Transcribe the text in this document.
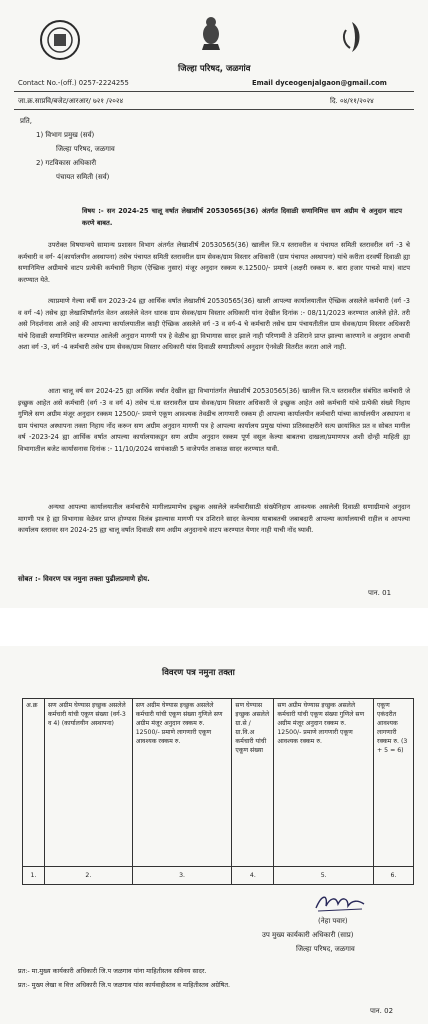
जिल्हा परिषद, जळगांव
Contact No.-(off.) 0257-2224255	Email dyceogenjalgaon@gmail.com
जा.क्र.साप्रवि/बजेट/आरआर/ ७२१ /२०२४	दि. ०४/११/२०२४
प्रति,
1) विभाग प्रमुख (सर्व)
जिल्हा परिषद, जळगाव
2) गटविकास अधिकारी
पंचायत समिती (सर्व)
विषय :- सन 2024-25 चालू वर्षात लेखाशीर्ष 20530565(36) अंतर्गत दिवाळी सणानिमित्त सण अग्रीम चे अनुदान वाटप करणे बाबत.
उपरोक्त विषयान्वये सामान्य प्रशासन विभाग अंतर्गत लेखाशीर्ष 20530565(36) खालील जि.प स्तरावरील व पंचायत समिती स्तरावरील वर्ग -3 चे कर्मचारी व वर्ग- 4(कार्यालयीन अस्थापना) तसेच पंचायत समिती स्तरावरील ग्राम सेवक/ग्राम विस्तार अधिकारी (ग्राम पंचायत अस्थापना) यांचे करीता दरवर्षी दिवाळी ह्या सणानिमित्त अग्रीमाचे वाटप प्रत्येकी कर्मचारी निहाय (ऐच्छिक नुसार) मंजूर अनुदान रक्कम रु.12500/- प्रमाणे (अक्षरी रक्कम रु. बारा हजार पाचशे मात्र) वाटप करण्यात येते.
त्याप्रमाणे गेल्या वर्षी सन 2023-24 ह्या आर्थिक वर्षात लेखाशीर्ष 20530565(36) खाली आपल्या कार्यालयातील ऐच्छिक असलेले कर्मचारी (वर्ग -3 व वर्ग -4) तसेच ह्या लेखाशिर्षांतर्गत वेतन असलेले वेतन धारक ग्राम सेवक/ग्राम विस्तार अधिकारी यांना देखील दिनांक :- 08/11/2023 करण्यात आलेले होते. तरी असे निदर्शनास आले आहे की आपल्या कार्यालयातील काही ऐच्छिक असलेले वर्ग -3 व वर्ग-4 चे कर्मचारी तसेच ग्राम पंचायतीतील ग्राम सेवक/ग्राम विस्तार अधिकारी यांचे दिवाळी सणानिमित्त करण्यात आलेली अनुदान मागणी पत्र हे वेळीच ह्या विभागास सादर झाले नाही परिणामी ते उशिराने प्राप्त झाल्या कारणाने व अनुदान अभावी अशा वर्ग -3, वर्ग -4 कर्मचारी तसेच ग्राम सेवक/ग्राम विस्तार अधिकारी यांस दिवाळी सणाप्रीत्यर्थ अनुदान ऐनवेळी वितरीत करता आले नाही.
आता चालू वर्ष सन 2024-25 ह्या आर्थिक वर्षात देखील ह्या विभागांतर्गत लेखाशीर्ष 20530565(36) खालील जि.प स्तरावरील संबंधित कर्मचारी जे इच्छुक आहेत असे कर्मचारी (वर्ग -3 व वर्ग 4) तसेच पं.स स्तरावरील ग्राम सेवक/ग्राम विस्तार अधिकारी जे इच्छुक आहेत असे कर्मचारी यांचे प्रत्येकी संख्ये निहाय गुणिले सण अग्रीम मंजूर अनुदान रक्कम 12500/- प्रमाणे एकूण आवश्यक तेवढीच लागणारी रक्कम ही आपल्या कार्यालयीन कर्मचारी यांच्या कार्यालयीन अस्थापना व ग्राम पंचायत अस्थापना तक्ता निहाय नोंद करून सण अग्रीम अनुदान मागणी पत्र हे आपल्या कार्यालय प्रमुख यांच्या प्रतिस्वाक्षरीने सत्य छायांकित प्रत व सोबत मागील वर्ष -2023-24 ह्या आर्थिक वर्षात आपल्या कार्यालयाकडून सण अग्रीम अनुदान रक्कम पूर्ण वसूल केल्या बाबतचा दाखला/प्रमाणपत्र अशी दोन्ही माहिती ह्या विभागातील बजेट कार्यासनास दिनांक :- 11/10/2024 सायंकाळी 5 वाजेपर्यंत ताकाळ सादर करण्यात यावी.
अन्यथा आपल्या कार्यालयातील कर्मचारीचे मागीलप्रमाणेच इच्छुक असलेले कर्मचारीसाठी संख्येनिहाय आवश्यक असलेली दिवाळी सणाग्रीमाचे अनुदान मागणी पत्र हे ह्या विभागास वेळेवर प्राप्त होण्यास विलंब झाल्यास मागणी पत्र उशिराने सादर केल्यास याबाबतची जबाबदारी आपल्या कार्यालयाची राहील व आपल्या कार्यालय स्तरावर सन 2024-25 ह्या चालू वर्षात दिवाळी सण अग्रीम अनुदानाचे वाटप करण्यात येणार नाही याची नोंद घ्यावी.
सोबत :- विवरण पत्र नमुना तक्ता पुढीलप्रमाणे होय.
पान. 01
विवरण पत्र नमुना तक्ता
अ.क्र	सण अग्रीम घेण्यास इच्छुक असलेले कर्मचारी यांची एकूण संख्या (वर्ग-3 व 4) (कार्यालयीन अस्थापना)	सण अग्रीम घेण्यास इच्छुक असलेले कर्मचारी यांची एकूण संख्या गुणिले सण अग्रीम मंजूर अनुदान रक्कम रु. 12500/- प्रमाणे लागणारी एकूण आवश्यक रक्कम रु.	सण घेण्यास इच्छुक असलेले ग्रा.से / ग्रा.वि.अ कर्मचारी यांची एकूण संख्या	सण अग्रीम घेण्यास इच्छुक असलेले कर्मचारी यांची एकूण संख्या गुणिले सण अग्रीम मंजूर अनुदान रक्कम रु. 12500/- प्रमाणे लागणारी एकूण आवश्यक रक्कम रु.	एकूण एकंदरीत आवश्यक लागणारी रक्कम रु. (3 + 5 = 6)
1.	2.	3.	4.	5.	6.
(नेहा पवार)
उप मुख्य कार्यकारी अधिकारी (साप्र)
जिल्हा परिषद, जळगाव
प्रत:- मा.मुख्य कार्यकारी अधिकारी जि.प जळगाव यांना माहितीस्तव सविनय सादर.
प्रत:- मुख्य लेखा व वित्त अधिकारी जि.प जळगाव यांस कार्यवाहीस्तव व माहितीस्तव अग्रेषित.
पान. 02
